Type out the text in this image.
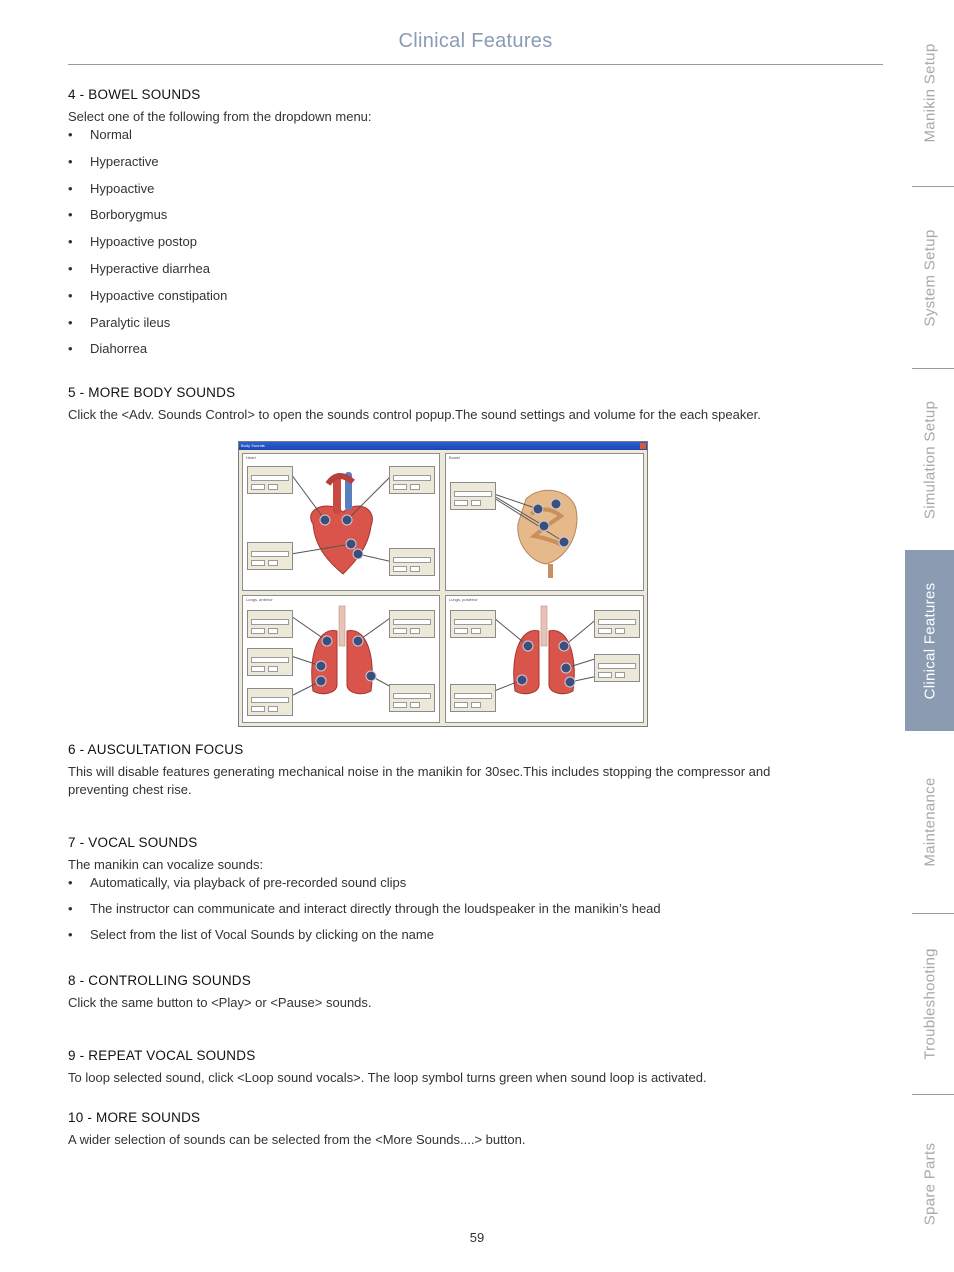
Clinical Features
4 - BOWEL SOUNDS

Select one of the following from the dropdown menu:

• Normal
• Hyperactive
• Hypoactive
• Borborygmus
• Hypoactive postop
• Hyperactive diarrhea
• Hypoactive constipation
• Paralytic ileus
• Diahorrea
5 - MORE BODY SOUNDS

Click the <Adv. Sounds Control> to open the sounds control popup.The sound settings and volume for the each speaker.

Body Sounds
Heart	Bowel
Lungs, anterior	Lungs, posterior
6 - AUSCULTATION FOCUS

This will disable features generating mechanical noise in the manikin for 30sec.This includes stopping the compressor and preventing chest rise.

7 - VOCAL SOUNDS

The manikin can vocalize sounds:

• Automatically, via playback of pre-recorded sound clips
• The instructor can communicate and interact directly through the loudspeaker in the manikin’s head
• Select from the list of Vocal Sounds by clicking on the name
8 - CONTROLLING SOUNDS

Click the same button to <Play> or <Pause> sounds.

9 - REPEAT VOCAL SOUNDS

To loop selected sound, click <Loop sound vocals>. The loop symbol turns green when sound loop is activated.

10 - MORE SOUNDS

A wider selection of sounds can be selected from the <More Sounds....> button.

Manikin Setup
System Setup
Simulation Setup
Clinical Features
Maintenance
Troubleshooting
Spare Parts
59
